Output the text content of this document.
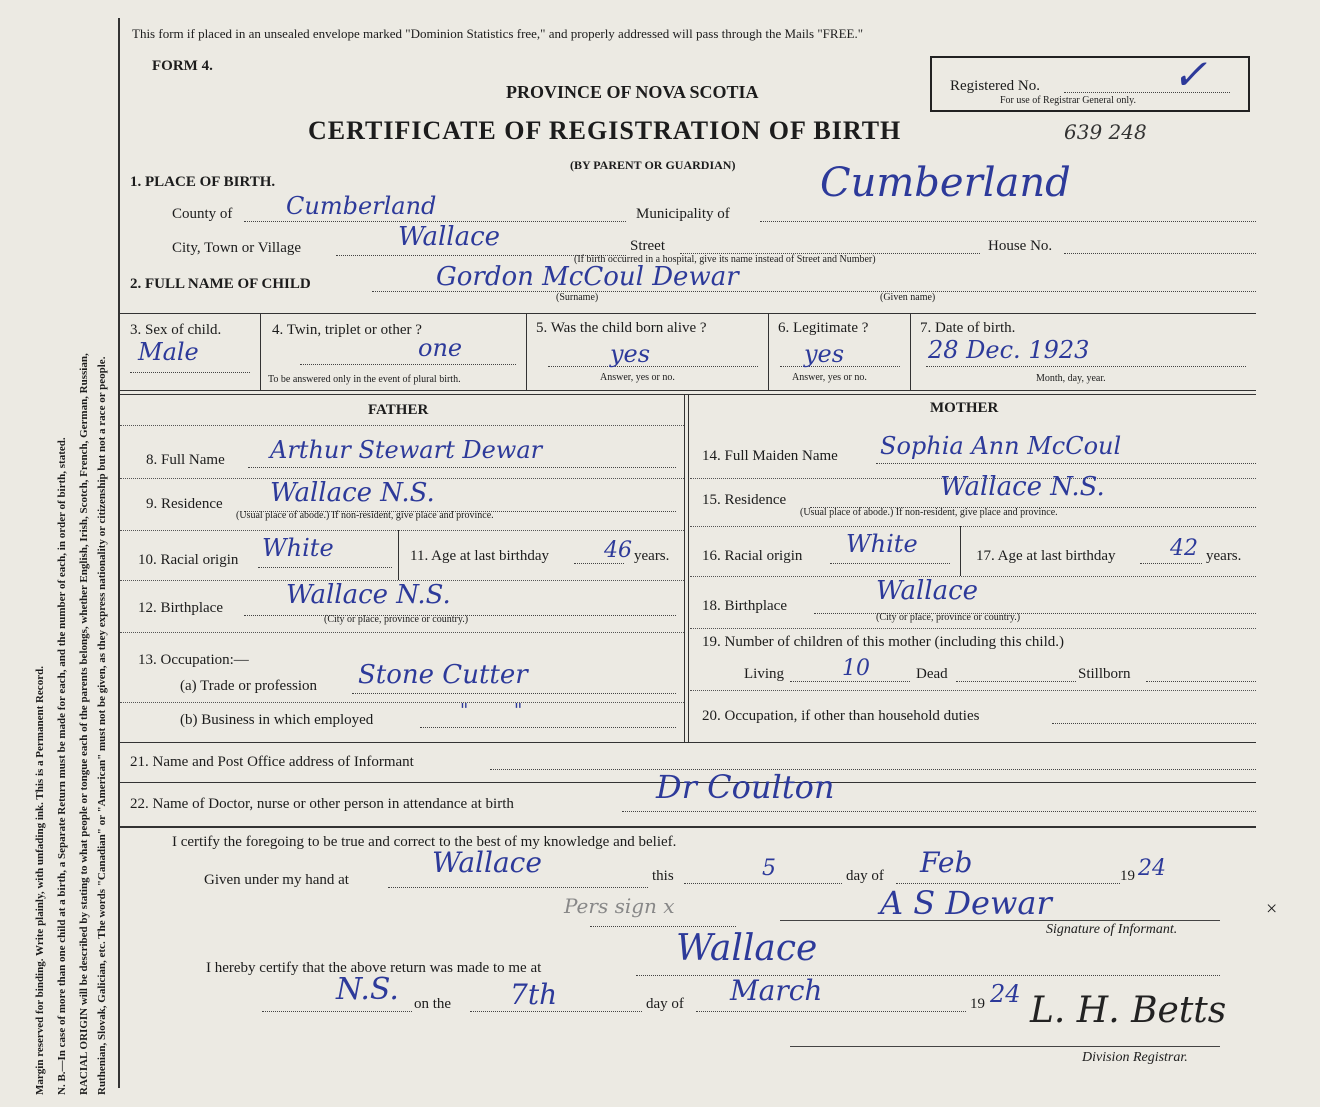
Margin reserved for binding. Write plainly, with unfading ink. This is a Permanent Record. N. B.—In case of more than one child at a birth, a Separate Return must be made for each, and the number of each, in order of birth, stated. RACIAL ORIGIN will be described by stating to what people or tongue each of the parents belongs, whether English, Irish, Scotch, French, German, Russian, Ruthenian, Slovak, Galician, etc. The words "Canadian" or "American" must not be given, as they express nationality or citizenship but not a race or people.
This form if placed in an unsealed envelope marked "Dominion Statistics free," and properly addressed will pass through the Mails "FREE."
FORM 4.
PROVINCE OF NOVA SCOTIA
CERTIFICATE OF REGISTRATION OF BIRTH	639 248
(BY PARENT OR GUARDIAN)
Registered No.
For use of Registrar General only.
✓
1. PLACE OF BIRTH.
County of Cumberland	Municipality of
Cumberland
City, Town or Village	Wallace	Street
(If birth occurred in a hospital, give its name instead of Street and Number)
House No.
2. FULL NAME OF CHILD	Gordon McCoul Dewar
(Surname)	(Given name)
3. Sex of child.
Male
4. Twin, triplet or other ?
one
To be answered only in the event of plural birth.
5. Was the child born alive ?
yes
Answer, yes or no.
6. Legitimate ?
yes
Answer, yes or no.
7. Date of birth.
28 Dec. 1923
Month, day, year.
FATHER	MOTHER
8. Full Name Arthur Stewart Dewar
9. Residence Wallace N.S.
(Usual place of abode.) If non-resident, give place and province.
10. Racial origin White	11. Age at last birthday	46 years.
12. Birthplace Wallace N.S.
(City or place, province or country.)
13. Occupation:—
(a) Trade or profession Stone Cutter
(b) Business in which employed	"        "
14. Full Maiden Name Sophia Ann McCoul
15. Residence	Wallace N.S.
(Usual place of abode.) If non-resident, give place and province.
16. Racial origin White	17. Age at last birthday 42 years.
18. Birthplace	Wallace
(City or place, province or country.)
19. Number of children of this mother (including this child.)
Living	10	Dead	Stillborn
20. Occupation, if other than household duties
21. Name and Post Office address of Informant
22. Name of Doctor, nurse or other person in attendance at birth	Dr Coulton
I certify the foregoing to be true and correct to the best of my knowledge and belief.
Given under my hand at
Wallace	this	5	day of Feb	19 24
Pers sign x	A S Dewar	×
Signature of Informant.
I hereby certify that the above return was made to me at	Wallace
N.S. on the 7th	day of March	19 24 L. H. Betts
Division Registrar.
